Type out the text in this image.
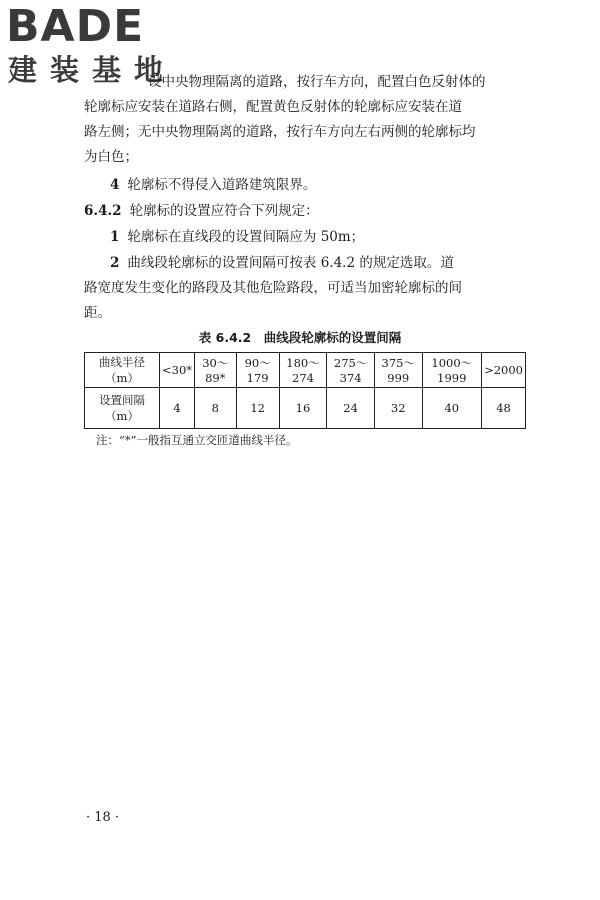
BADE
建装基地
设中央物理隔离的道路，按行车方向，配置白色反射体的
轮廓标应安装在道路右侧，配置黄色反射体的轮廓标应安装在道
路左侧；无中央物理隔离的道路，按行车方向左右两侧的轮廓标均
为白色；
4 轮廓标不得侵入道路建筑限界。
6.4.2 轮廓标的设置应符合下列规定：
1 轮廓标在直线段的设置间隔应为 50m；
2 曲线段轮廓标的设置间隔可按表 6.4.2 的规定选取。道
路宽度发生变化的路段及其他危险路段，可适当加密轮廓标的间
距。
表 6.4.2　曲线段轮廓标的设置间隔
曲线半径（m）	<30*	30～89*	90～179	180～274	275～374	375～999	1000～1999	>2000
设置间隔（m）	4	8	12	16	24	32	40	48
注：“*”一般指互通立交匝道曲线半径。
· 18 ·
